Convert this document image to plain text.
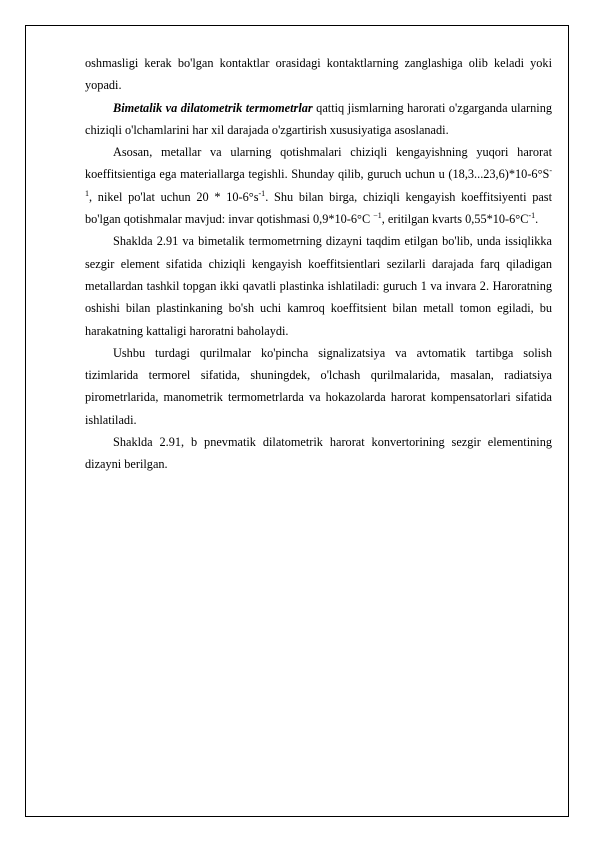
oshmasligi kerak bo'lgan kontaktlar orasidagi kontaktlarning zanglashiga olib keladi yoki yopadi.

Bimetalik va dilatometrik termometrlar qattiq jismlarning harorati o'zgarganda ularning chiziqli o'lchamlarini har xil darajada o'zgartirish xususiyatiga asoslanadi.

Asosan, metallar va ularning qotishmalari chiziqli kengayishning yuqori harorat koeffitsientiga ega materiallarga tegishli. Shunday qilib, guruch uchun u $(18,3...23,6)*10-6^\circ S^{-1}$, nikel po'lat uchun $20 * 10-6^\circ s^{-1}$. Shu bilan birga, chiziqli kengayish koeffitsiyenti past bo'lgan qotishmalar mavjud: invar qotishmasi 0,9*10-6°C $^{-1}$, eritilgan kvarts $0,55*10-6^\circ C^{-1}$.

Shaklda 2.91 va bimetalik termometrning dizayni taqdim etilgan bo'lib, unda issiqlikka sezgir element sifatida chiziqli kengayish koeffitsientlari sezilarli darajada farq qiladigan metallardan tashkil topgan ikki qavatli plastinka ishlatiladi: guruch 1 va invara 2. Haroratning oshishi bilan plastinkaning bo'sh uchi kamroq koeffitsient bilan metall tomon egiladi, bu harakatning kattaligi haroratni baholaydi.

Ushbu turdagi qurilmalar ko'pincha signalizatsiya va avtomatik tartibga solish tizimlarida termorel sifatida, shuningdek, o'lchash qurilmalarida, masalan, radiatsiya pirometrlarida, manometrik termometrlarda va hokazolarda harorat kompensatorlari sifatida ishlatiladi.

Shaklda 2.91, b pnevmatik dilatometrik harorat konvertorining sezgir elementining dizayni berilgan.
